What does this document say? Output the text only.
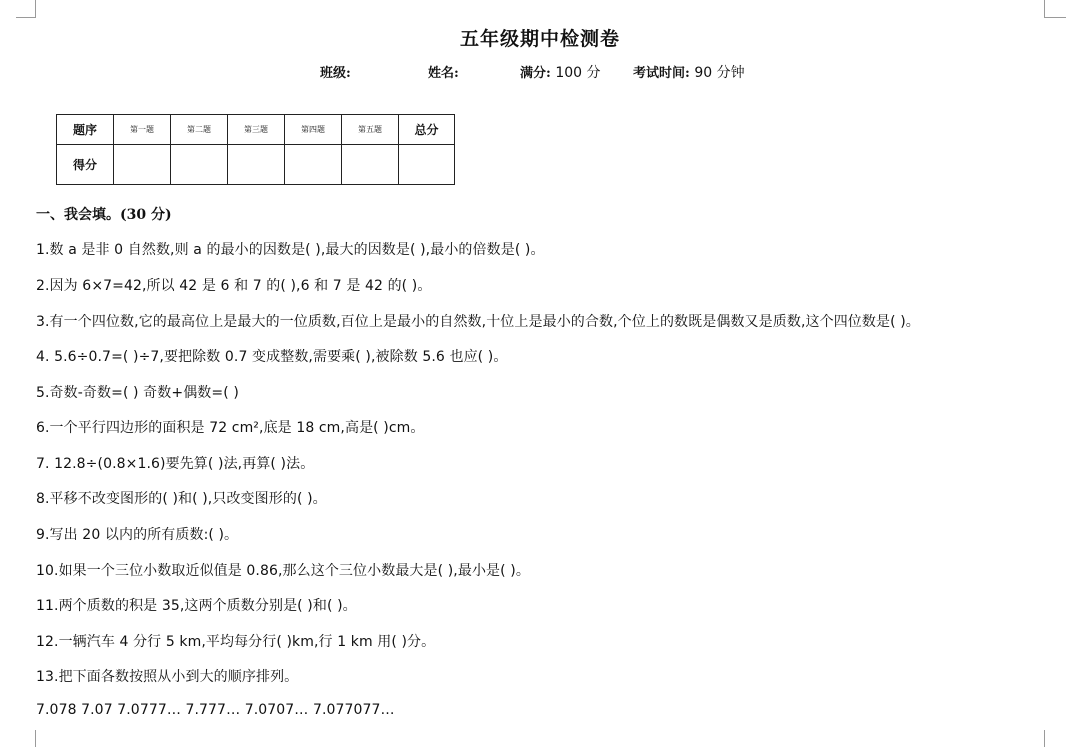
五年级期中检测卷
班级:	姓名:	满分: 100 分 考试时间: 90 分钟
题序	第一题	第二题	第三题	第四题	第五题	总分
得分						
一、我会填。(30 分)
1.数 a 是非 0 自然数,则 a 的最小的因数是( ),最大的因数是( ),最小的倍数是( )。
2.因为 6×7=42,所以 42 是 6 和 7 的( ),6 和 7 是 42 的( )。
3.有一个四位数,它的最高位上是最大的一位质数,百位上是最小的自然数,十位上是最小的合数,个位上的数既是偶数又是质数,这个四位数是( )。
4. 5.6÷0.7=( )÷7,要把除数 0.7 变成整数,需要乘( ),被除数 5.6 也应( )。
5.奇数-奇数=( ) 奇数+偶数=( )
6.一个平行四边形的面积是 72 cm²,底是 18 cm,高是( )cm。
7. 12.8÷(0.8×1.6)要先算( )法,再算( )法。
8.平移不改变图形的( )和( ),只改变图形的( )。
9.写出 20 以内的所有质数:( )。
10.如果一个三位小数取近似值是 0.86,那么这个三位小数最大是( ),最小是( )。
11.两个质数的积是 35,这两个质数分别是( )和( )。
12.一辆汽车 4 分行 5 km,平均每分行( )km,行 1 km 用( )分。
13.把下面各数按照从小到大的顺序排列。
7.078 7.07 7.0777… 7.777… 7.0707… 7.077077…
